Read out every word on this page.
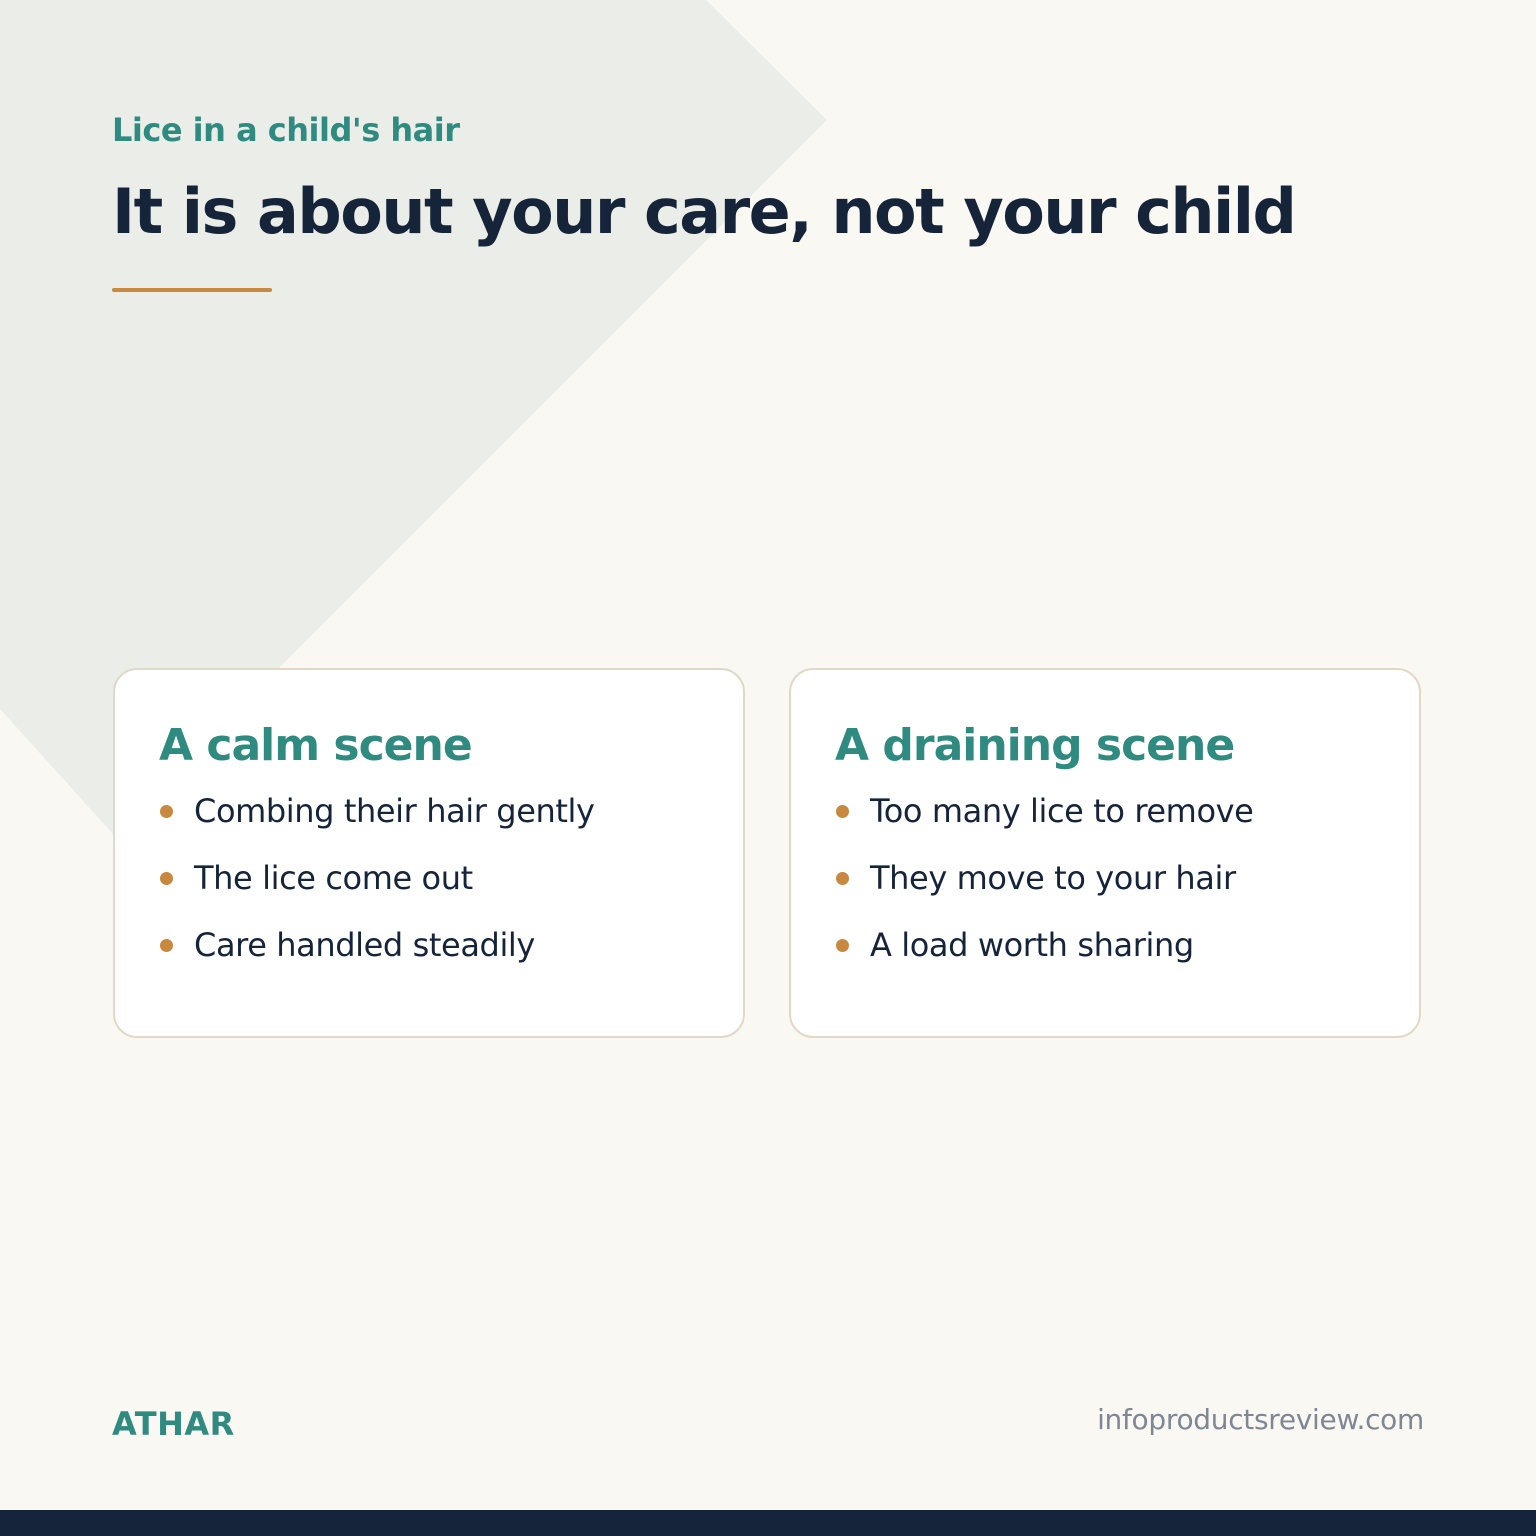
Lice in a child's hair
It is about your care, not your child
A calm scene
Combing their hair gently
The lice come out
Care handled steadily
A draining scene
Too many lice to remove
They move to your hair
A load worth sharing
ATHAR	infoproductsreview.com
